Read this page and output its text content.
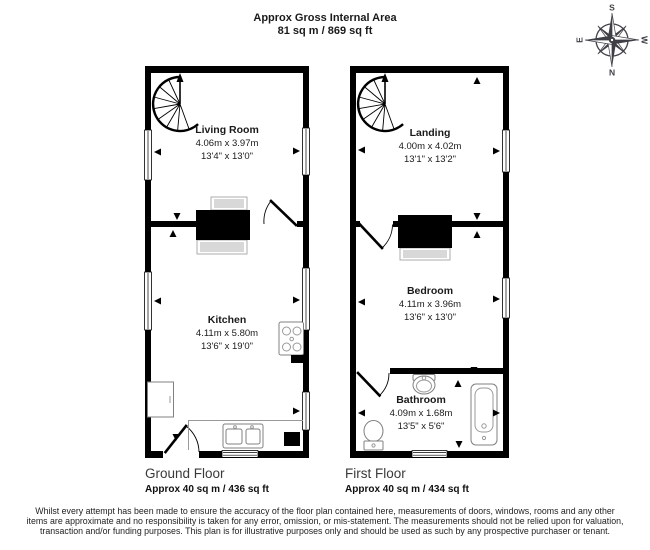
Approx Gross Internal Area
81 sq m / 869 sq ft
S
N
E	W
Living Room
4.06m x 3.97m
13'4" x 13'0"
Kitchen
4.11m x 5.80m
13'6" x 19'0"
Landing
4.00m x 4.02m
13'1" x 13'2"
Bedroom
4.11m x 3.96m
13'6" x 13'0"
Bathroom
4.09m x 1.68m
13'5" x 5'6"
Ground Floor
Approx 40 sq m / 436 sq ft
First Floor
Approx 40 sq m / 434 sq ft
Whilst every attempt has been made to ensure the accuracy of the floor plan contained here, measurements of doors, windows, rooms and any other items are approximate and no responsibility is taken for any error, omission, or mis-statement. The measurements should not be relied upon for valuation, transaction and/or funding purposes. This plan is for illustrative purposes only and should be used as such by any prospective purchaser or tenant.
